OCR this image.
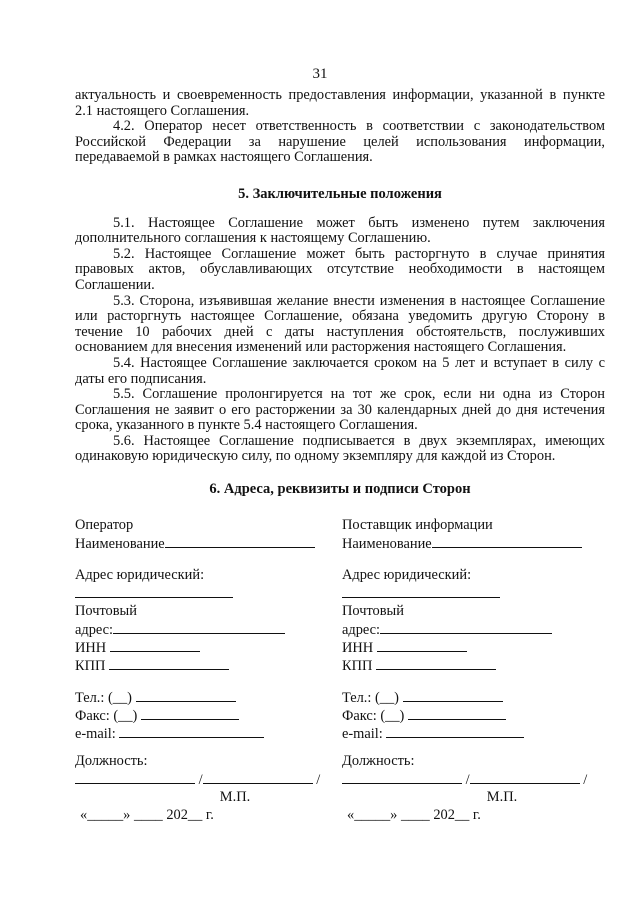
31

актуальность и своевременность предоставления информации, указанной в пункте 2.1 настоящего Соглашения.

4.2. Оператор несет ответственность в соответствии с законодательством Российской Федерации за нарушение целей использования информации, передаваемой в рамках настоящего Соглашения.

5. Заключительные положения

5.1. Настоящее Соглашение может быть изменено путем заключения дополнительного соглашения к настоящему Соглашению.

5.2. Настоящее Соглашение может быть расторгнуто в случае принятия правовых актов, обуславливающих отсутствие необходимости в настоящем Соглашении.

5.3. Сторона, изъявившая желание внести изменения в настоящее Соглашение или расторгнуть настоящее Соглашение, обязана уведомить другую Сторону в течение 10 рабочих дней с даты наступления обстоятельств, послуживших основанием для внесения изменений или расторжения настоящего Соглашения.

5.4. Настоящее Соглашение заключается сроком на 5 лет и вступает в силу с даты его подписания.

5.5. Соглашение пролонгируется на тот же срок, если ни одна из Сторон Соглашения не заявит о его расторжении за 30 календарных дней до дня истечения срока, указанного в пункте 5.4 настоящего Соглашения.

5.6. Настоящее Соглашение подписывается в двух экземплярах, имеющих одинаковую юридическую силу, по одному экземпляру для каждой из Сторон.

6. Адреса, реквизиты и подписи Сторон
Оператор
Наименование
Адрес юридический:
Почтовый
адрес:
ИНН
КПП
Тел.: (__)
Факс: (__)
e-mail:
Должность:
/	/
М.П.
«_____» ____ 202__ г.
Поставщик информации
Наименование
Адрес юридический:
Почтовый
адрес:
ИНН
КПП
Тел.: (__)
Факс: (__)
e-mail:
Должность:
/	/
М.П.
«_____» ____ 202__ г.
